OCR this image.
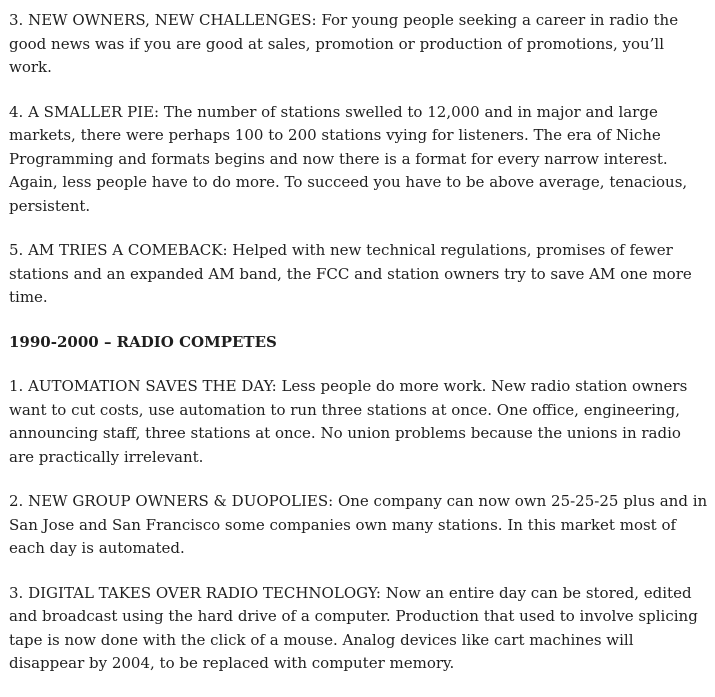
3. NEW OWNERS, NEW CHALLENGES: For young people seeking a career in radio the good news was if you are good at sales, promotion or production of promotions, you’ll work.

4. A SMALLER PIE: The number of stations swelled to 12,000 and in major and large markets, there were perhaps 100 to 200 stations vying for listeners. The era of Niche Programming and formats begins and now there is a format for every narrow interest. Again, less people have to do more. To succeed you have to be above average, tenacious, persistent.

5. AM TRIES A COMEBACK: Helped with new technical regulations, promises of fewer stations and an expanded AM band, the FCC and station owners try to save AM one more time.

1990-2000 – RADIO COMPETES

1. AUTOMATION SAVES THE DAY: Less people do more work. New radio station owners want to cut costs, use automation to run three stations at once. One office, engineering, announcing staff, three stations at once. No union problems because the unions in radio are practically irrelevant.

2. NEW GROUP OWNERS & DUOPOLIES: One company can now own 25-25-25 plus and in San Jose and San Francisco some companies own many stations. In this market most of each day is automated.

3. DIGITAL TAKES OVER RADIO TECHNOLOGY: Now an entire day can be stored, edited and broadcast using the hard drive of a computer. Production that used to involve splicing tape is now done with the click of a mouse. Analog devices like cart machines will disappear by 2004, to be replaced with computer memory.
